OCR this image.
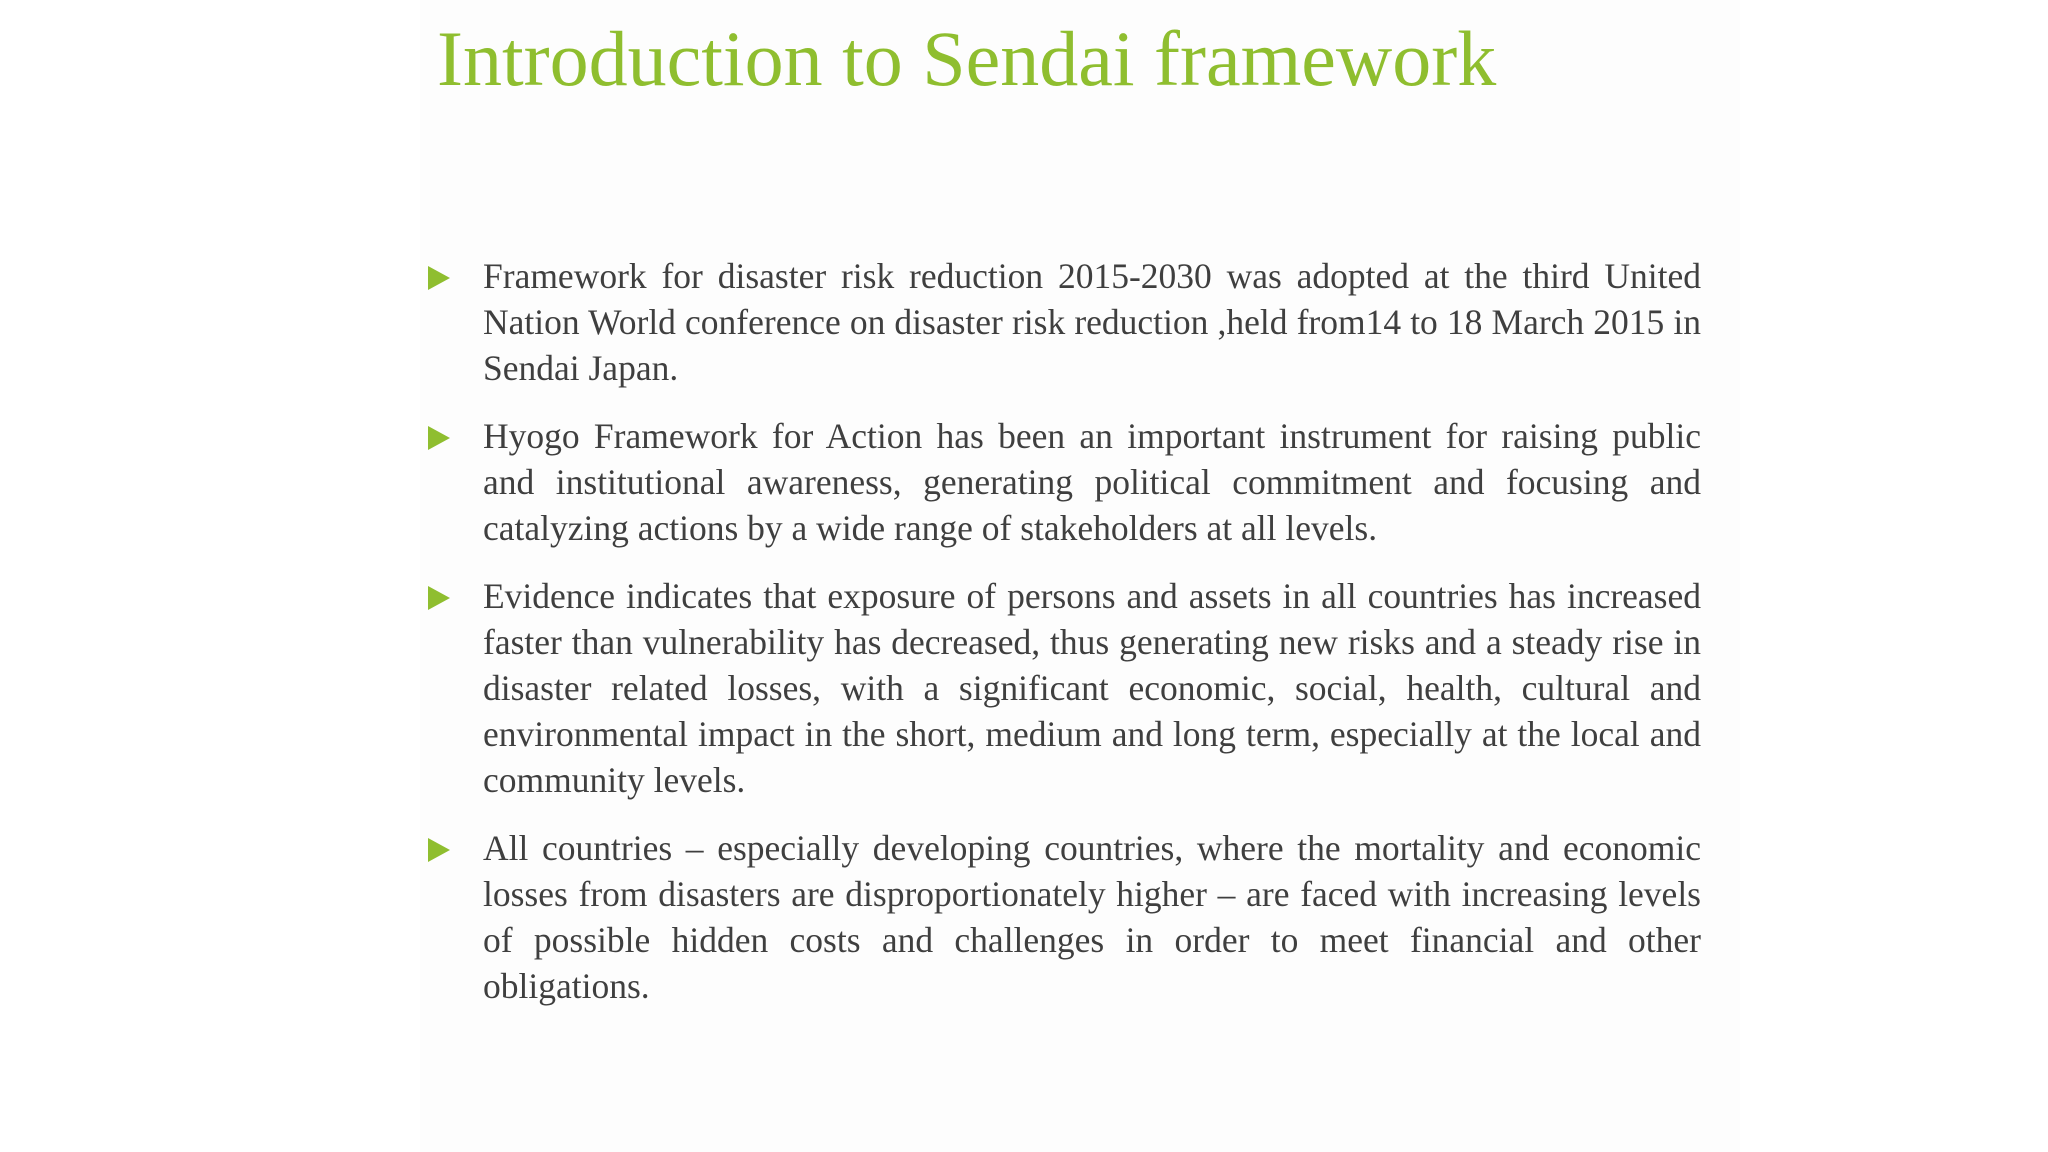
Introduction to Sendai framework
Framework for disaster risk reduction 2015-2030 was adopted at the third United Nation World conference on disaster risk reduction ,held from14 to 18 March 2015 in Sendai Japan.
Hyogo Framework for Action has been an important instrument for raising public and institutional awareness, generating political commitment and focusing and catalyzing actions by a wide range of stakeholders at all levels.
Evidence indicates that exposure of persons and assets in all countries has increased faster than vulnerability has decreased, thus generating new risks and a steady rise in disaster related losses, with a significant economic, social, health, cultural and environmental impact in the short, medium and long term, especially at the local and community levels.
All countries – especially developing countries, where the mortality and economic losses from disasters are disproportionately higher – are faced with increasing levels of possible hidden costs and challenges in order to meet financial and other obligations.
